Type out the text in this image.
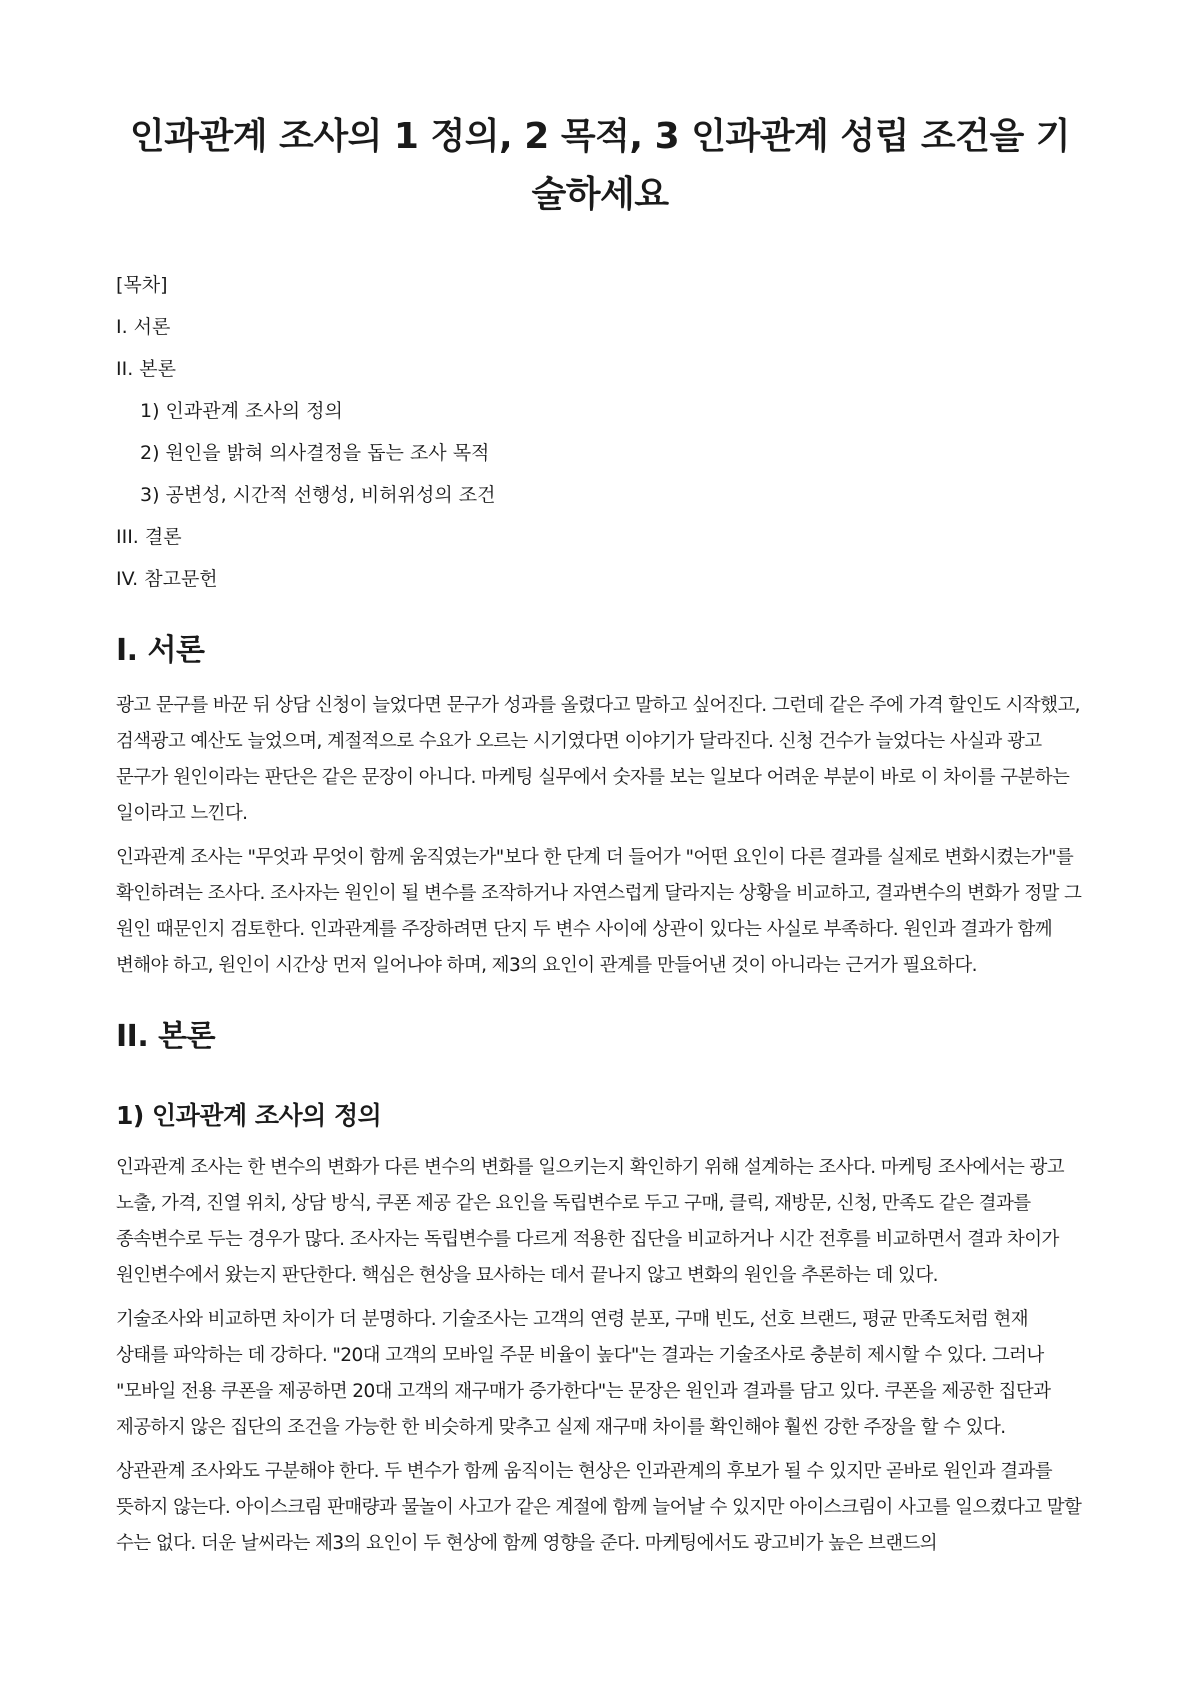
인과관계 조사의 1 정의, 2 목적, 3 인과관계 성립 조건을 기술하세요
[목차]
I. 서론
II. 본론
1) 인과관계 조사의 정의
2) 원인을 밝혀 의사결정을 돕는 조사 목적
3) 공변성, 시간적 선행성, 비허위성의 조건
III. 결론
IV. 참고문헌
I. 서론

광고 문구를 바꾼 뒤 상담 신청이 늘었다면 문구가 성과를 올렸다고 말하고 싶어진다. 그런데 같은 주에 가격 할인도 시작했고, 검색광고 예산도 늘었으며, 계절적으로 수요가 오르는 시기였다면 이야기가 달라진다. 신청 건수가 늘었다는 사실과 광고 문구가 원인이라는 판단은 같은 문장이 아니다. 마케팅 실무에서 숫자를 보는 일보다 어려운 부분이 바로 이 차이를 구분하는 일이라고 느낀다.

인과관계 조사는 "무엇과 무엇이 함께 움직였는가"보다 한 단계 더 들어가 "어떤 요인이 다른 결과를 실제로 변화시켰는가"를 확인하려는 조사다. 조사자는 원인이 될 변수를 조작하거나 자연스럽게 달라지는 상황을 비교하고, 결과변수의 변화가 정말 그 원인 때문인지 검토한다. 인과관계를 주장하려면 단지 두 변수 사이에 상관이 있다는 사실로 부족하다. 원인과 결과가 함께 변해야 하고, 원인이 시간상 먼저 일어나야 하며, 제3의 요인이 관계를 만들어낸 것이 아니라는 근거가 필요하다.

II. 본론
1) 인과관계 조사의 정의

인과관계 조사는 한 변수의 변화가 다른 변수의 변화를 일으키는지 확인하기 위해 설계하는 조사다. 마케팅 조사에서는 광고 노출, 가격, 진열 위치, 상담 방식, 쿠폰 제공 같은 요인을 독립변수로 두고 구매, 클릭, 재방문, 신청, 만족도 같은 결과를 종속변수로 두는 경우가 많다. 조사자는 독립변수를 다르게 적용한 집단을 비교하거나 시간 전후를 비교하면서 결과 차이가 원인변수에서 왔는지 판단한다. 핵심은 현상을 묘사하는 데서 끝나지 않고 변화의 원인을 추론하는 데 있다.

기술조사와 비교하면 차이가 더 분명하다. 기술조사는 고객의 연령 분포, 구매 빈도, 선호 브랜드, 평균 만족도처럼 현재 상태를 파악하는 데 강하다. "20대 고객의 모바일 주문 비율이 높다"는 결과는 기술조사로 충분히 제시할 수 있다. 그러나 "모바일 전용 쿠폰을 제공하면 20대 고객의 재구매가 증가한다"는 문장은 원인과 결과를 담고 있다. 쿠폰을 제공한 집단과 제공하지 않은 집단의 조건을 가능한 한 비슷하게 맞추고 실제 재구매 차이를 확인해야 훨씬 강한 주장을 할 수 있다.

상관관계 조사와도 구분해야 한다. 두 변수가 함께 움직이는 현상은 인과관계의 후보가 될 수 있지만 곧바로 원인과 결과를 뜻하지 않는다. 아이스크림 판매량과 물놀이 사고가 같은 계절에 함께 늘어날 수 있지만 아이스크림이 사고를 일으켰다고 말할 수는 없다. 더운 날씨라는 제3의 요인이 두 현상에 함께 영향을 준다. 마케팅에서도 광고비가 높은 브랜드의
